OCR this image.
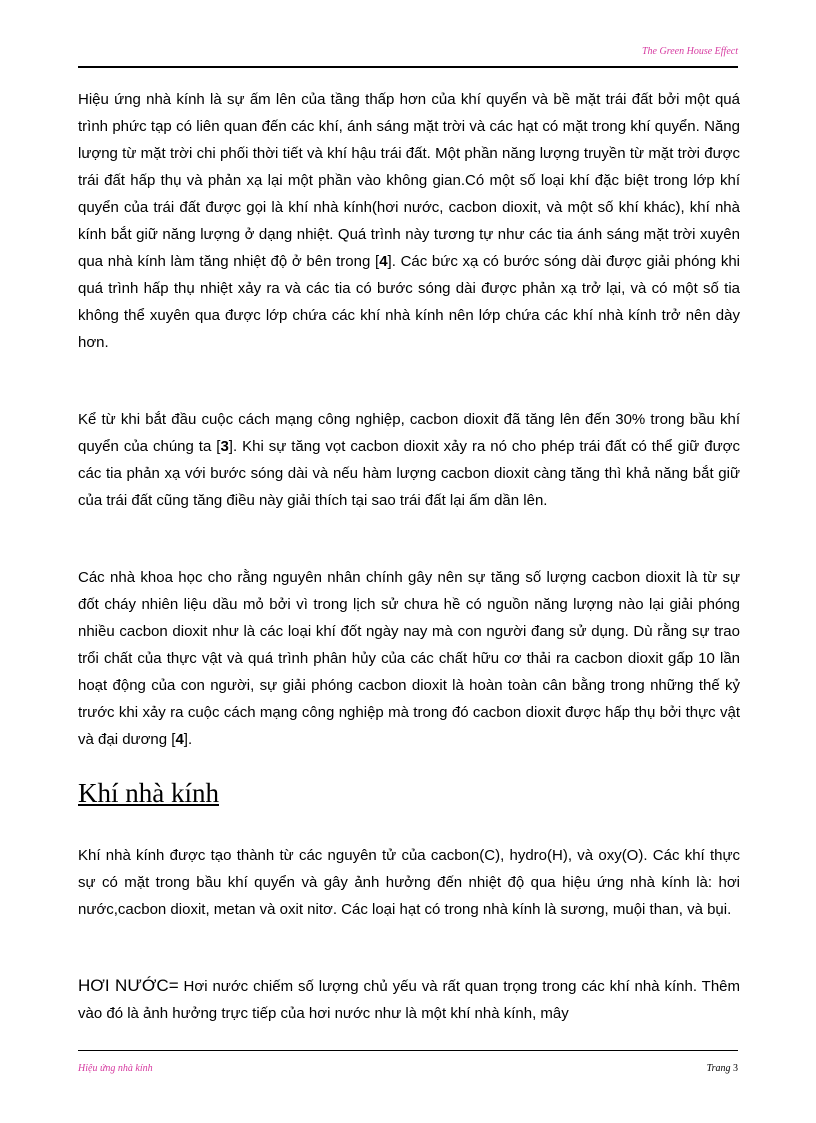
The Green House Effect

Hiệu ứng nhà kính là sự ấm lên của tầng thấp hơn của khí quyển và bề mặt trái đất bởi một quá trình phức tạp có liên quan đến các khí, ánh sáng mặt trời và các hạt có mặt trong khí quyển. Năng lượng từ mặt trời chi phối thời tiết và khí hậu trái đất. Một phần năng lượng truyền từ mặt trời được trái đất hấp thụ và phản xạ lại một phần vào không gian.Có một số loại khí đặc biệt trong lớp khí quyển của trái đất được gọi là khí nhà kính(hơi nước, cacbon dioxit, và một số khí khác), khí nhà kính bắt giữ năng lượng ở dạng nhiệt. Quá trình này tương tự như các tia ánh sáng mặt trời xuyên qua nhà kính làm tăng nhiệt độ ở bên trong [4]. Các bức xạ có bước sóng dài được giải phóng khi quá trình hấp thụ nhiệt xảy ra và các tia có bước sóng dài được phản xạ trở lại, và có một số tia không thể xuyên qua được lớp chứa các khí nhà kính nên lớp chứa các khí nhà kính trở nên dày hơn.

Kể từ khi bắt đầu cuộc cách mạng công nghiệp, cacbon dioxit đã tăng lên đến 30% trong bầu khí quyển của chúng ta [3]. Khi sự tăng vọt cacbon dioxit xảy ra nó cho phép trái đất có thể giữ được các tia phản xạ với bước sóng dài và nếu hàm lượng cacbon dioxit càng tăng thì khả năng bắt giữ của trái đất cũng tăng điều này giải thích tại sao trái đất lại ấm dần lên.

Các nhà khoa học cho rằng nguyên nhân chính gây nên sự tăng số lượng cacbon dioxit là từ sự đốt cháy nhiên liệu dầu mỏ bởi vì trong lịch sử chưa hề có nguồn năng lượng nào lại giải phóng nhiều cacbon dioxit như là các loại khí đốt ngày nay mà con người đang sử dụng. Dù rằng sự trao trổi chất của thực vật và quá trình phân hủy của các chất hữu cơ thải ra cacbon dioxit gấp 10 lần hoạt động của con người, sự giải phóng cacbon dioxit là hoàn toàn cân bằng trong những thế kỷ trước khi xảy ra cuộc cách mạng công nghiệp mà trong đó cacbon dioxit được hấp thụ bởi thực vật và đại dương [4].

Khí nhà kính

Khí nhà kính được tạo thành từ các nguyên tử của cacbon(C), hydro(H), và oxy(O). Các khí thực sự có mặt trong bầu khí quyển và gây ảnh hưởng đến nhiệt độ qua hiệu ứng nhà kính là: hơi nước,cacbon dioxit, metan và oxit nitơ. Các loại hạt có trong nhà kính là sương, muội than, và bụi.

HƠI NƯỚC= Hơi nước chiếm số lượng chủ yếu và rất quan trọng trong các khí nhà kính. Thêm vào đó là ảnh hưởng trực tiếp của hơi nước như là một khí nhà kính, mây

Hiệu ứng nhà kính	Trang 3
